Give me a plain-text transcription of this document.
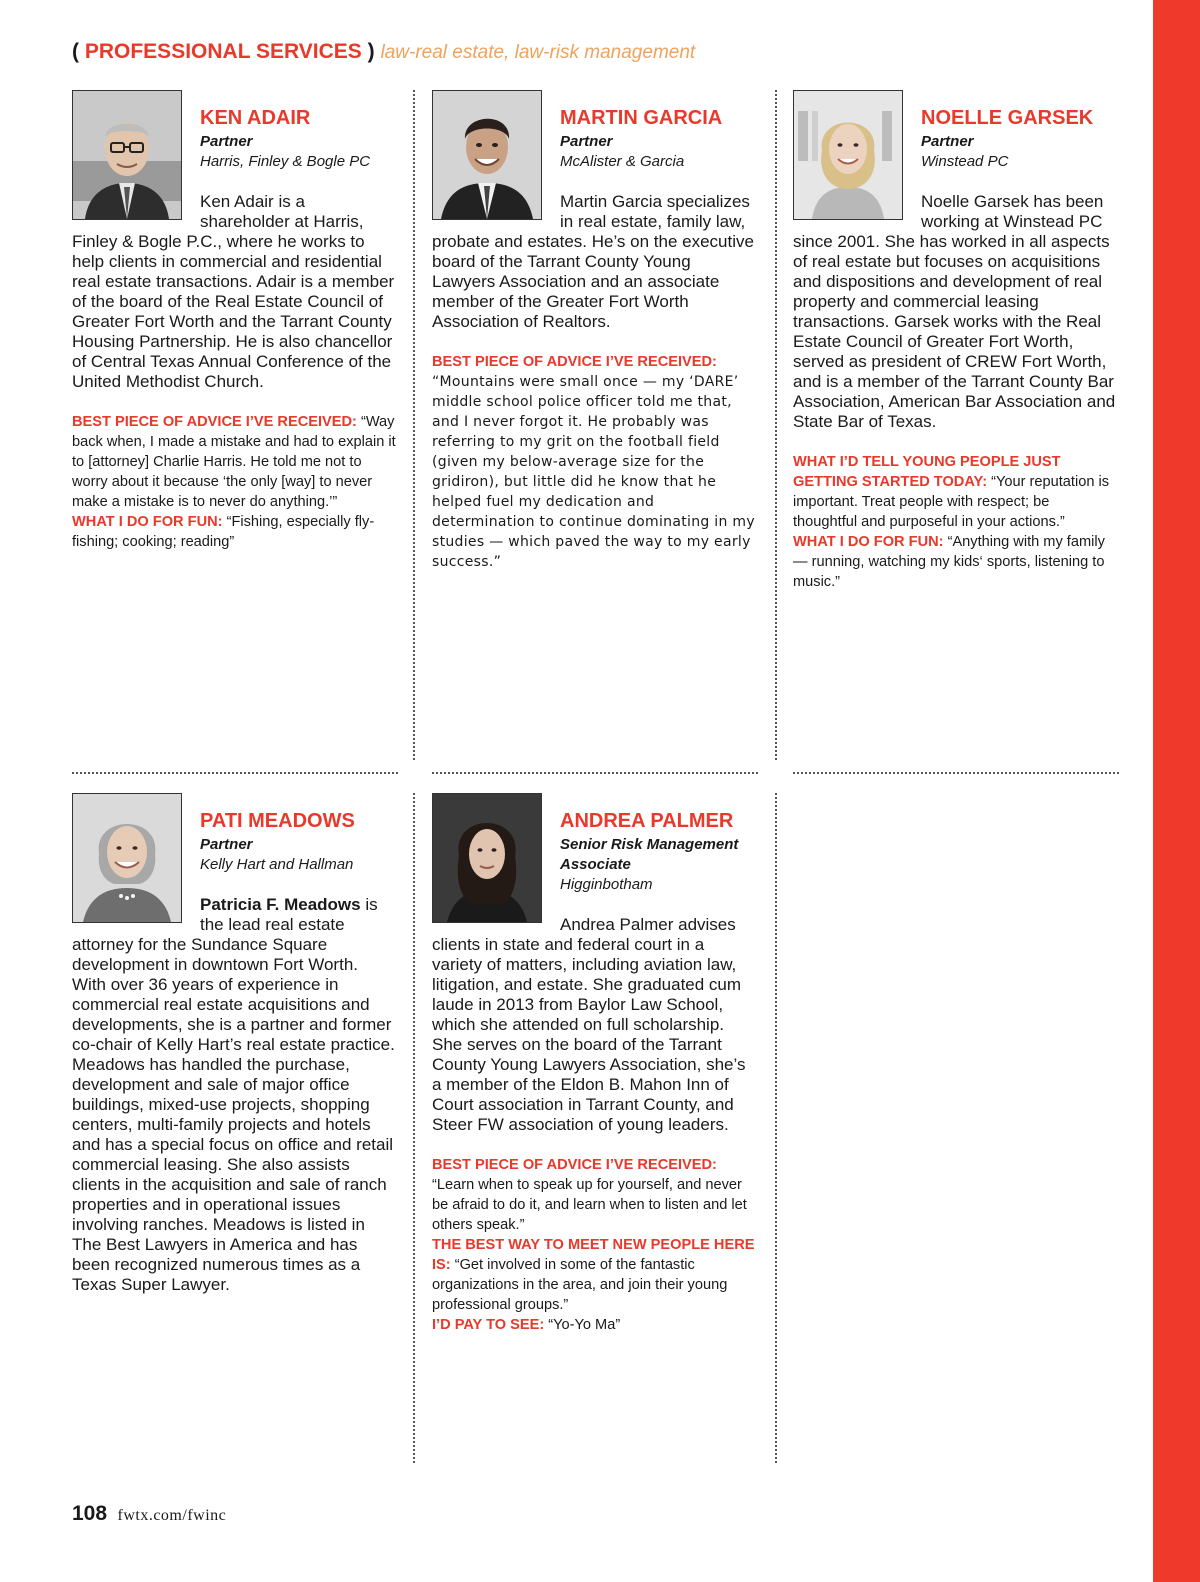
( PROFESSIONAL SERVICES ) law-real estate, law-risk management
KEN ADAIR
Partner
Harris, Finley & Bogle PC

Ken Adair is a shareholder at Harris, Finley & Bogle P.C., where he works to help clients in commercial and residential real estate transactions. Adair is a member of the board of the Real Estate Council of Greater Fort Worth and the Tarrant County Housing Partnership. He is also chancellor of Central Texas Annual Conference of the United Methodist Church.

BEST PIECE OF ADVICE I’VE RECEIVED: “Way back when, I made a mistake and had to explain it to [attorney] Charlie Harris. He told me not to worry about it because ‘the only [way] to never make a mistake is to never do anything.’”

WHAT I DO FOR FUN: “Fishing, especially fly-fishing; cooking; reading”

MARTIN GARCIA
Partner
McAlister & Garcia

Martin Garcia specializes in real estate, family law, probate and estates. He’s on the executive board of the Tarrant County Young Lawyers Association and an associate member of the Greater Fort Worth Association of Realtors.

BEST PIECE OF ADVICE I’VE RECEIVED:
“Mountains were small once — my ‘DARE’ middle school police officer told me that, and I never forgot it. He probably was referring to my grit on the football field (given my below-average size for the gridiron), but little did he know that he helped fuel my dedication and determination to continue dominating in my studies — which paved the way to my early success.”

NOELLE GARSEK
Partner
Winstead PC

Noelle Garsek has been working at Winstead PC since 2001. She has worked in all aspects of real estate but focuses on acquisitions and dispositions and development of real property and commercial leasing transactions. Garsek works with the Real Estate Council of Greater Fort Worth, served as president of CREW Fort Worth, and is a member of the Tarrant County Bar Association, American Bar Association and State Bar of Texas.

WHAT I’D TELL YOUNG PEOPLE JUST GETTING STARTED TODAY: “Your reputation is important. Treat people with respect; be thoughtful and purposeful in your actions.”

WHAT I DO FOR FUN: “Anything with my family — running, watching my kids‘ sports, listening to music.”

PATI MEADOWS
Partner
Kelly Hart and Hallman

Patricia F. Meadows is the lead real estate attorney for the Sundance Square development in downtown Fort Worth. With over 36 years of experience in commercial real estate acquisitions and developments, she is a partner and former co-chair of Kelly Hart’s real estate practice. Meadows has handled the purchase, development and sale of major office buildings, mixed-use projects, shopping centers, multi-family projects and hotels and has a special focus on office and retail commercial leasing. She also assists clients in the acquisition and sale of ranch properties and in operational issues involving ranches. Meadows is listed in The Best Lawyers in America and has been recognized numerous times as a Texas Super Lawyer.

ANDREA PALMER
Senior Risk Management Associate
Higginbotham

Andrea Palmer advises clients in state and federal court in a variety of matters, including aviation law, litigation, and estate. She graduated cum laude in 2013 from Baylor Law School, which she attended on full scholarship. She serves on the board of the Tarrant County Young Lawyers Association, she’s a member of the Eldon B. Mahon Inn of Court association in Tarrant County, and Steer FW association of young leaders.

BEST PIECE OF ADVICE I’VE RECEIVED:
“Learn when to speak up for yourself, and never be afraid to do it, and learn when to listen and let others speak.”

THE BEST WAY TO MEET NEW PEOPLE HERE IS: “Get involved in some of the fantastic organizations in the area, and join their young professional groups.”

I’D PAY TO SEE: “Yo-Yo Ma”

108 fwtx.com/fwinc
